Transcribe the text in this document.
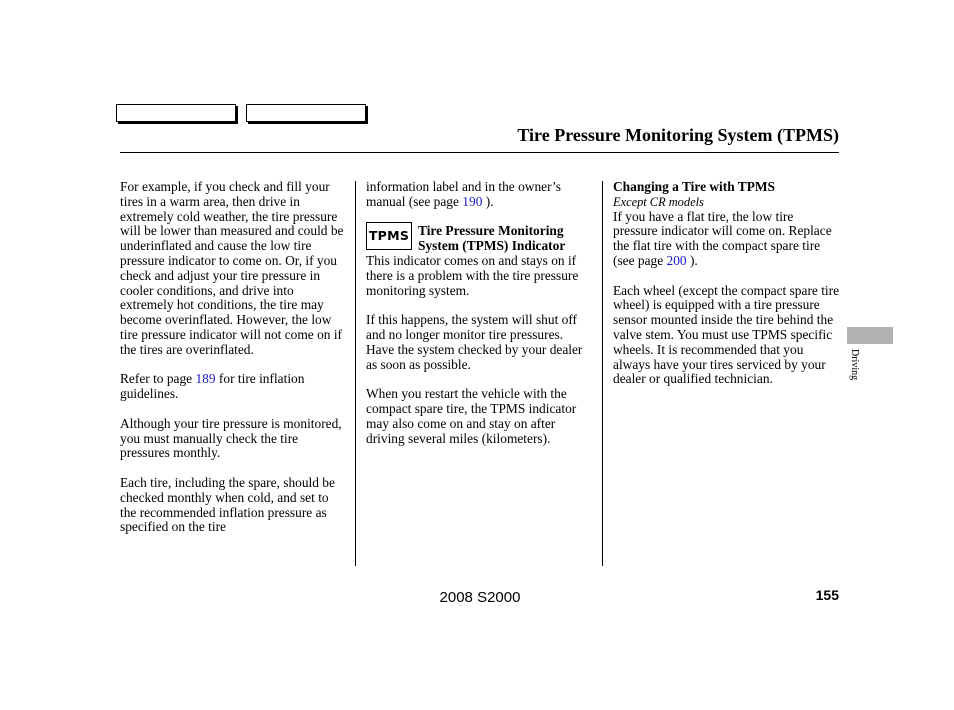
Tire Pressure Monitoring System (TPMS)

For example, if you check and fill your tires in a warm area, then drive in extremely cold weather, the tire pressure will be lower than measured and could be underinflated and cause the low tire pressure indicator to come on. Or, if you check and adjust your tire pressure in cooler conditions, and drive into extremely hot conditions, the tire may become overinflated. However, the low tire pressure indicator will not come on if the tires are overinflated.

Refer to page 189 for tire inflation guidelines.

Although your tire pressure is monitored, you must manually check the tire pressures monthly.

Each tire, including the spare, should be checked monthly when cold, and set to the recommended inflation pressure as specified on the tire

information label and in the owner’s manual (see page 190 ).

TPMS Tire Pressure Monitoring System (TPMS) Indicator

This indicator comes on and stays on if there is a problem with the tire pressure monitoring system.

If this happens, the system will shut off and no longer monitor tire pressures. Have the system checked by your dealer as soon as possible.

When you restart the vehicle with the compact spare tire, the TPMS indicator may also come on and stay on after driving several miles (kilometers).

Changing a Tire with TPMS
Except CR models

If you have a flat tire, the low tire pressure indicator will come on. Replace the flat tire with the compact spare tire (see page 200 ).

Each wheel (except the compact spare tire wheel) is equipped with a tire pressure sensor mounted inside the tire behind the valve stem. You must use TPMS specific wheels. It is recommended that you always have your tires serviced by your dealer or qualified technician.	Driving
2008 S2000	155
